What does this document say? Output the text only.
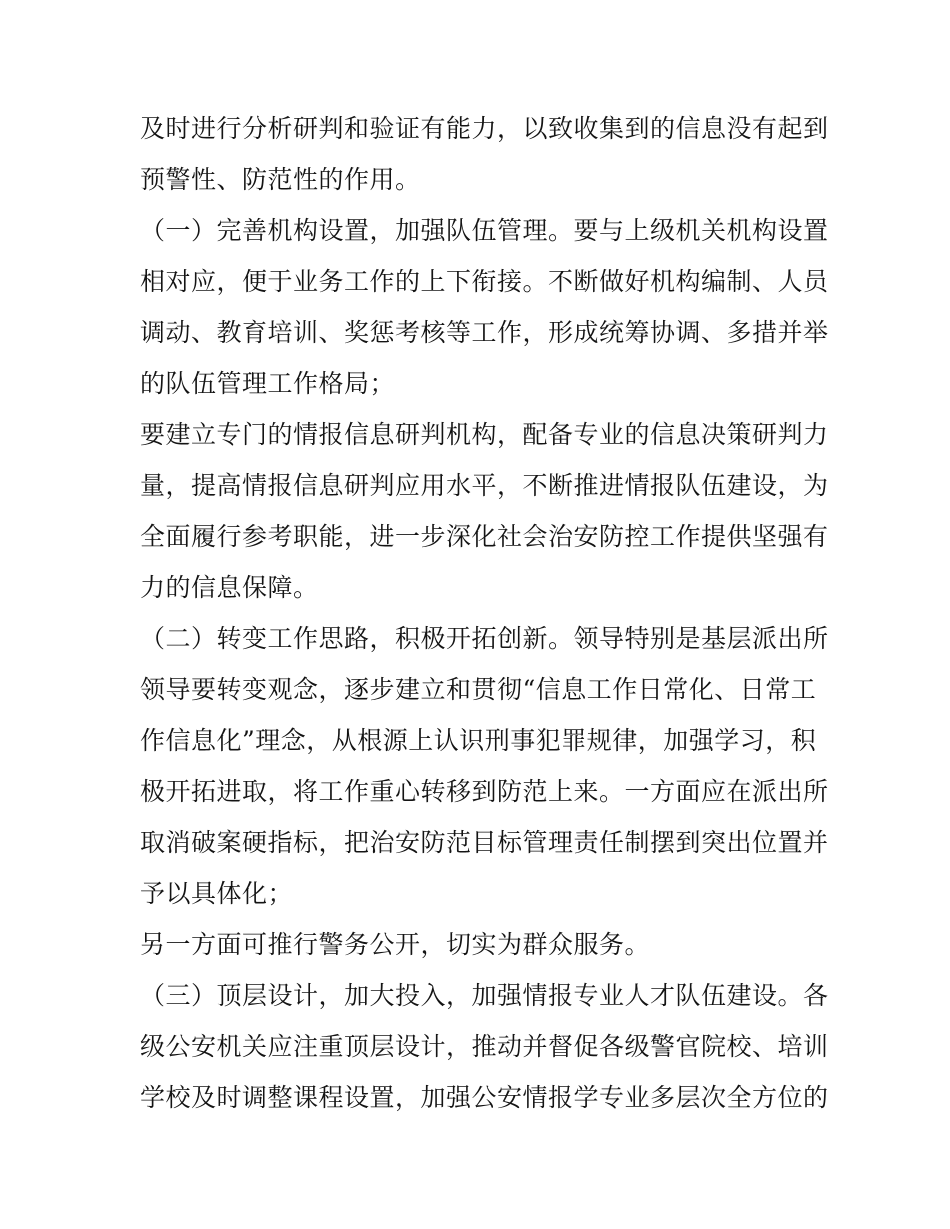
及时进行分析研判和验证有能力，以致收集到的信息没有起到
预警性、防范性的作用。
（一）完善机构设置，加强队伍管理。要与上级机关机构设置
相对应，便于业务工作的上下衔接。不断做好机构编制、人员
调动、教育培训、奖惩考核等工作，形成统筹协调、多措并举
的队伍管理工作格局；
要建立专门的情报信息研判机构，配备专业的信息决策研判力
量，提高情报信息研判应用水平，不断推进情报队伍建设，为
全面履行参考职能，进一步深化社会治安防控工作提供坚强有
力的信息保障。
（二）转变工作思路，积极开拓创新。领导特别是基层派出所
领导要转变观念，逐步建立和贯彻“信息工作日常化、日常工
作信息化”理念，从根源上认识刑事犯罪规律，加强学习，积
极开拓进取，将工作重心转移到防范上来。一方面应在派出所
取消破案硬指标，把治安防范目标管理责任制摆到突出位置并
予以具体化；
另一方面可推行警务公开，切实为群众服务。
（三）顶层设计，加大投入，加强情报专业人才队伍建设。各
级公安机关应注重顶层设计，推动并督促各级警官院校、培训
学校及时调整课程设置，加强公安情报学专业多层次全方位的
